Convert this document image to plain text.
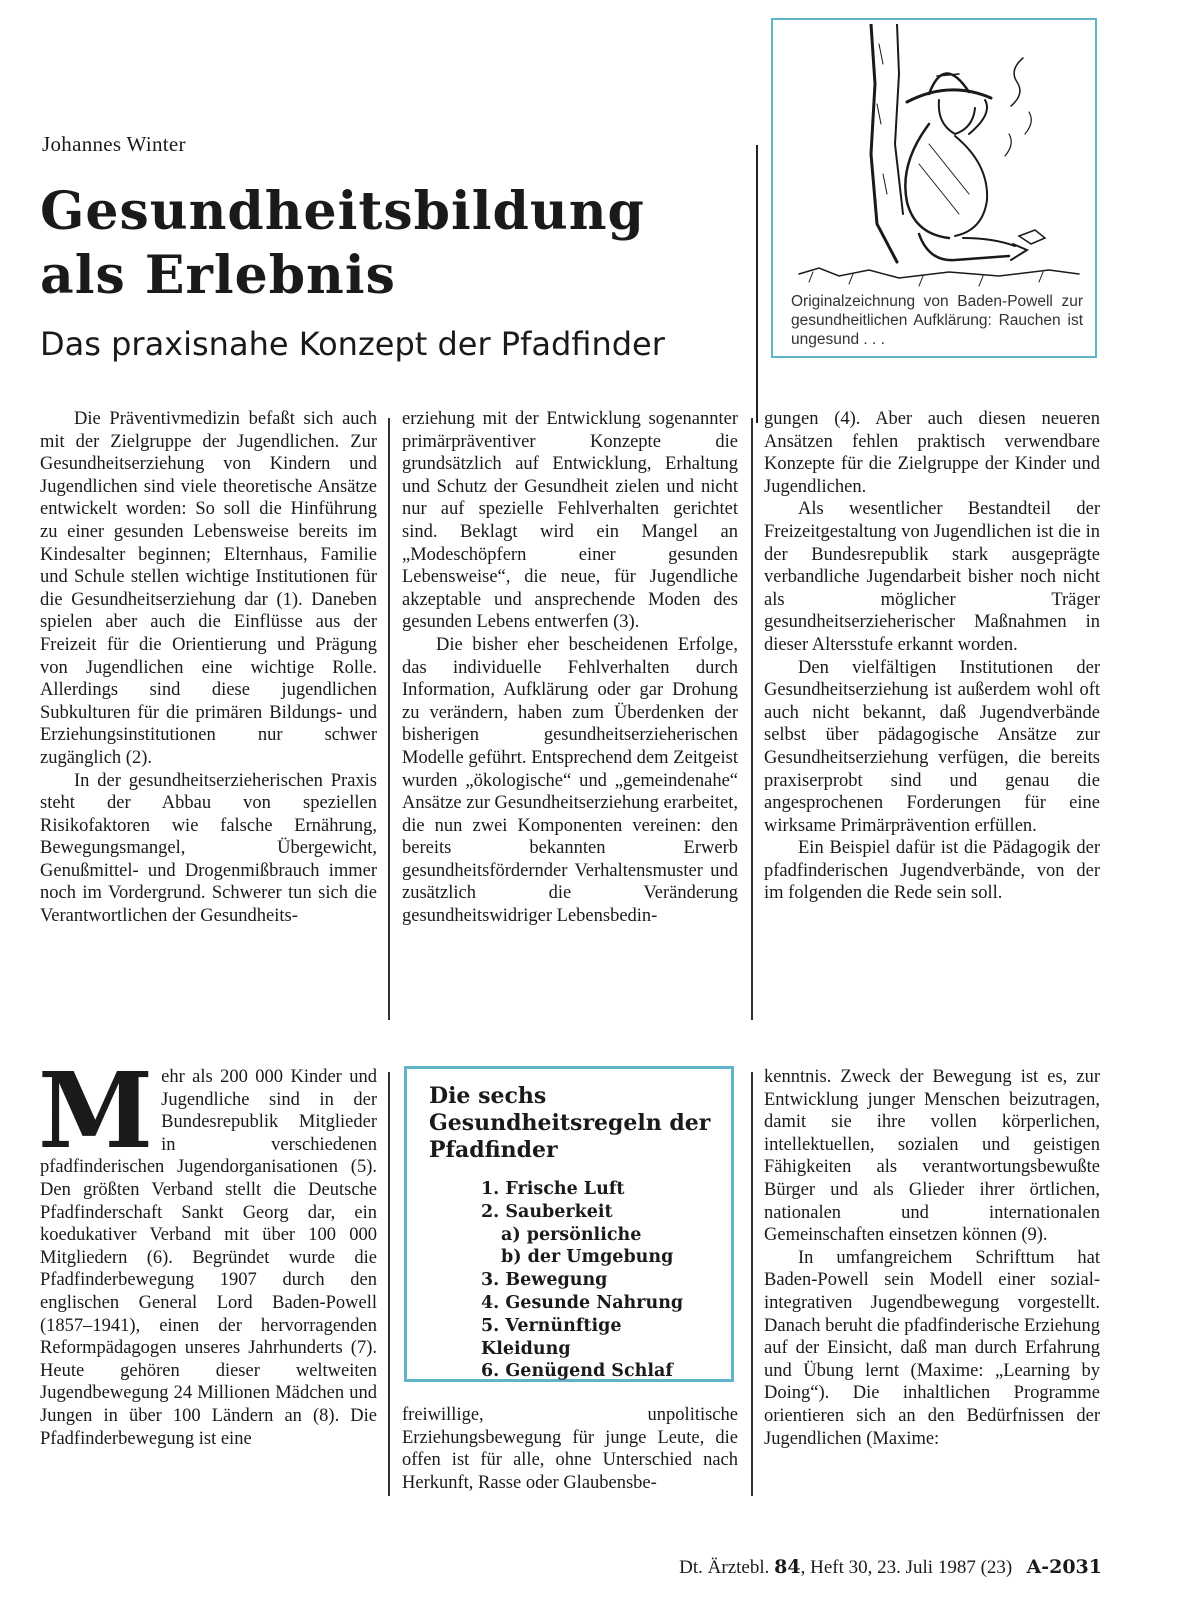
Johannes Winter
Gesundheitsbildung
als Erlebnis
Das praxisnahe Konzept der Pfadfinder
Originalzeichnung von Baden-Powell zur gesundheitlichen Aufklärung: Rauchen ist ungesund . . .

Die Präventivmedizin befaßt sich auch mit der Zielgruppe der Jugendlichen. Zur Gesundheitserziehung von Kindern und Jugendlichen sind viele theoretische Ansätze entwickelt worden: So soll die Hinführung zu einer gesunden Lebensweise bereits im Kindesalter beginnen; Elternhaus, Familie und Schule stellen wichtige Institutionen für die Gesundheitserziehung dar (1). Daneben spielen aber auch die Einflüsse aus der Freizeit für die Orientierung und Prägung von Jugendlichen eine wichtige Rolle. Allerdings sind diese jugendlichen Subkulturen für die primären Bildungs- und Erziehungsinstitutionen nur schwer zugänglich (2).

In der gesundheitserzieherischen Praxis steht der Abbau von speziellen Risikofaktoren wie falsche Ernährung, Bewegungsmangel, Übergewicht, Genußmittel- und Drogenmißbrauch immer noch im Vordergrund. Schwerer tun sich die Verantwortlichen der Gesundheits-

erziehung mit der Entwicklung sogenannter primärpräventiver Konzepte die grundsätzlich auf Entwicklung, Erhaltung und Schutz der Gesundheit zielen und nicht nur auf spezielle Fehlverhalten gerichtet sind. Beklagt wird ein Mangel an „Modeschöpfern einer gesunden Lebensweise“, die neue, für Jugendliche akzeptable und ansprechende Moden des gesunden Lebens entwerfen (3).

Die bisher eher bescheidenen Erfolge, das individuelle Fehlverhalten durch Information, Aufklärung oder gar Drohung zu verändern, haben zum Überdenken der bisherigen gesundheitserzieherischen Modelle geführt. Entsprechend dem Zeitgeist wurden „ökologische“ und „gemeindenahe“ Ansätze zur Gesundheitserziehung erarbeitet, die nun zwei Komponenten vereinen: den bereits bekannten Erwerb gesundheitsfördernder Verhaltensmuster und zusätzlich die Veränderung gesundheitswidriger Lebensbedin-

gungen (4). Aber auch diesen neueren Ansätzen fehlen praktisch verwendbare Konzepte für die Zielgruppe der Kinder und Jugendlichen.

Als wesentlicher Bestandteil der Freizeitgestaltung von Jugendlichen ist die in der Bundesrepublik stark ausgeprägte verbandliche Jugendarbeit bisher noch nicht als möglicher Träger gesundheitserzieherischer Maßnahmen in dieser Altersstufe erkannt worden.

Den vielfältigen Institutionen der Gesundheitserziehung ist außerdem wohl oft auch nicht bekannt, daß Jugendverbände selbst über pädagogische Ansätze zur Gesundheitserziehung verfügen, die bereits praxiserprobt sind und genau die angesprochenen Forderungen für eine wirksame Primärprävention erfüllen.

Ein Beispiel dafür ist die Pädagogik der pfadfinderischen Jugendverbände, von der im folgenden die Rede sein soll.

Mehr als 200 000 Kinder und Jugendliche sind in der Bundesrepublik Mitglieder in verschiedenen pfadfinderischen Jugendorganisationen (5). Den größten Verband stellt die Deutsche Pfadfinderschaft Sankt Georg dar, ein koedukativer Verband mit über 100 000 Mitgliedern (6). Begründet wurde die Pfadfinderbewegung 1907 durch den englischen General Lord Baden-Powell (1857–1941), einen der hervorragenden Reformpädagogen unseres Jahrhunderts (7). Heute gehören dieser weltweiten Jugendbewegung 24 Millionen Mädchen und Jungen in über 100 Ländern an (8). Die Pfadfinderbewegung ist eine

Die sechs Gesundheitsregeln der Pfadfinder
1. Frische Luft
2. Sauberkeit
a) persönliche
b) der Umgebung
3. Bewegung
4. Gesunde Nahrung
5. Vernünftige Kleidung
6. Genügend Schlaf

freiwillige, unpolitische Erziehungsbewegung für junge Leute, die offen ist für alle, ohne Unterschied nach Herkunft, Rasse oder Glaubensbe-

kenntnis. Zweck der Bewegung ist es, zur Entwicklung junger Menschen beizutragen, damit sie ihre vollen körperlichen, intellektuellen, sozialen und geistigen Fähigkeiten als verantwortungsbewußte Bürger und als Glieder ihrer örtlichen, nationalen und internationalen Gemeinschaften einsetzen können (9).

In umfangreichem Schrifttum hat Baden-Powell sein Modell einer sozial-integrativen Jugendbewegung vorgestellt. Danach beruht die pfadfinderische Erziehung auf der Einsicht, daß man durch Erfahrung und Übung lernt (Maxime: „Learning by Doing“). Die inhaltlichen Programme orientieren sich an den Bedürfnissen der Jugendlichen (Maxime:

Dt. Ärztebl. 84, Heft 30, 23. Juli 1987 (23) A-2031
